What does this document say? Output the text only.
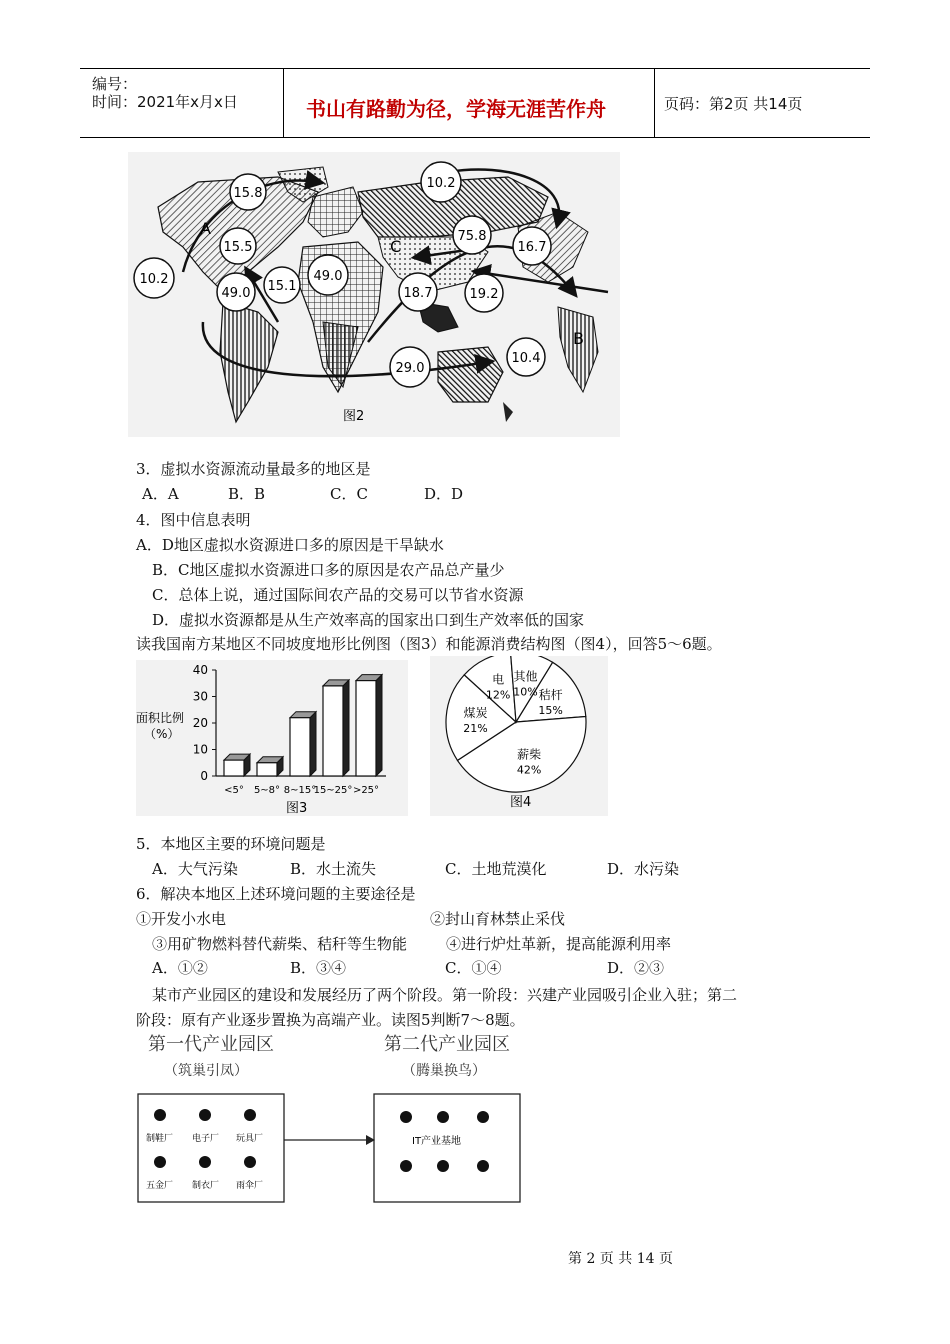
编号：
时间：2021年x月x日	书山有路勤为径，学海无涯苦作舟	页码：第2页 共14页
A
B
C
15.8
10.2
15.5
10.2
49.0 15.1
49.0
75.8
16.7
18.7	19.2
29.0
10.4
图2
3．虚拟水资源流动量最多的地区是
A．A	B．B	C．C	D．D
4．图中信息表明
A．D地区虚拟水资源进口多的原因是干旱缺水
B．C地区虚拟水资源进口多的原因是农产品总产量少
C．总体上说，通过国际间农产品的交易可以节省水资源
D．虚拟水资源都是从生产效率高的国家出口到生产效率低的国家
读我国南方某地区不同坡度地形比例图（图3）和能源消费结构图（图4），回答5～6题。
面积比例
（%）
0
10
20
30
40
<5° 5~8° 8~15°
15~25° >25°
图3
秸杆
15%
薪柴
42%
煤炭
21%
电
12%
其他
10%
图4
5．本地区主要的环境问题是
A．大气污染	B．水土流失	C．土地荒漠化	D．水污染
6．解决本地区上述环境问题的主要途径是
①开发小水电	②封山育林禁止采伐
③用矿物燃料替代薪柴、秸秆等生物能	④进行炉灶革新，提高能源利用率
A．①②	B．③④	C．①④	D．②③
某市产业园区的建设和发展经历了两个阶段。第一阶段：兴建产业园吸引企业入驻；第二
阶段：原有产业逐步置换为高端产业。读图5判断7～8题。
第一代产业园区
（筑巢引凤）
第二代产业园区
（腾巢换鸟）
制鞋厂 电子厂 玩具厂
五金厂 制衣厂 雨伞厂
IT产业基地
第 2 页 共 14 页
